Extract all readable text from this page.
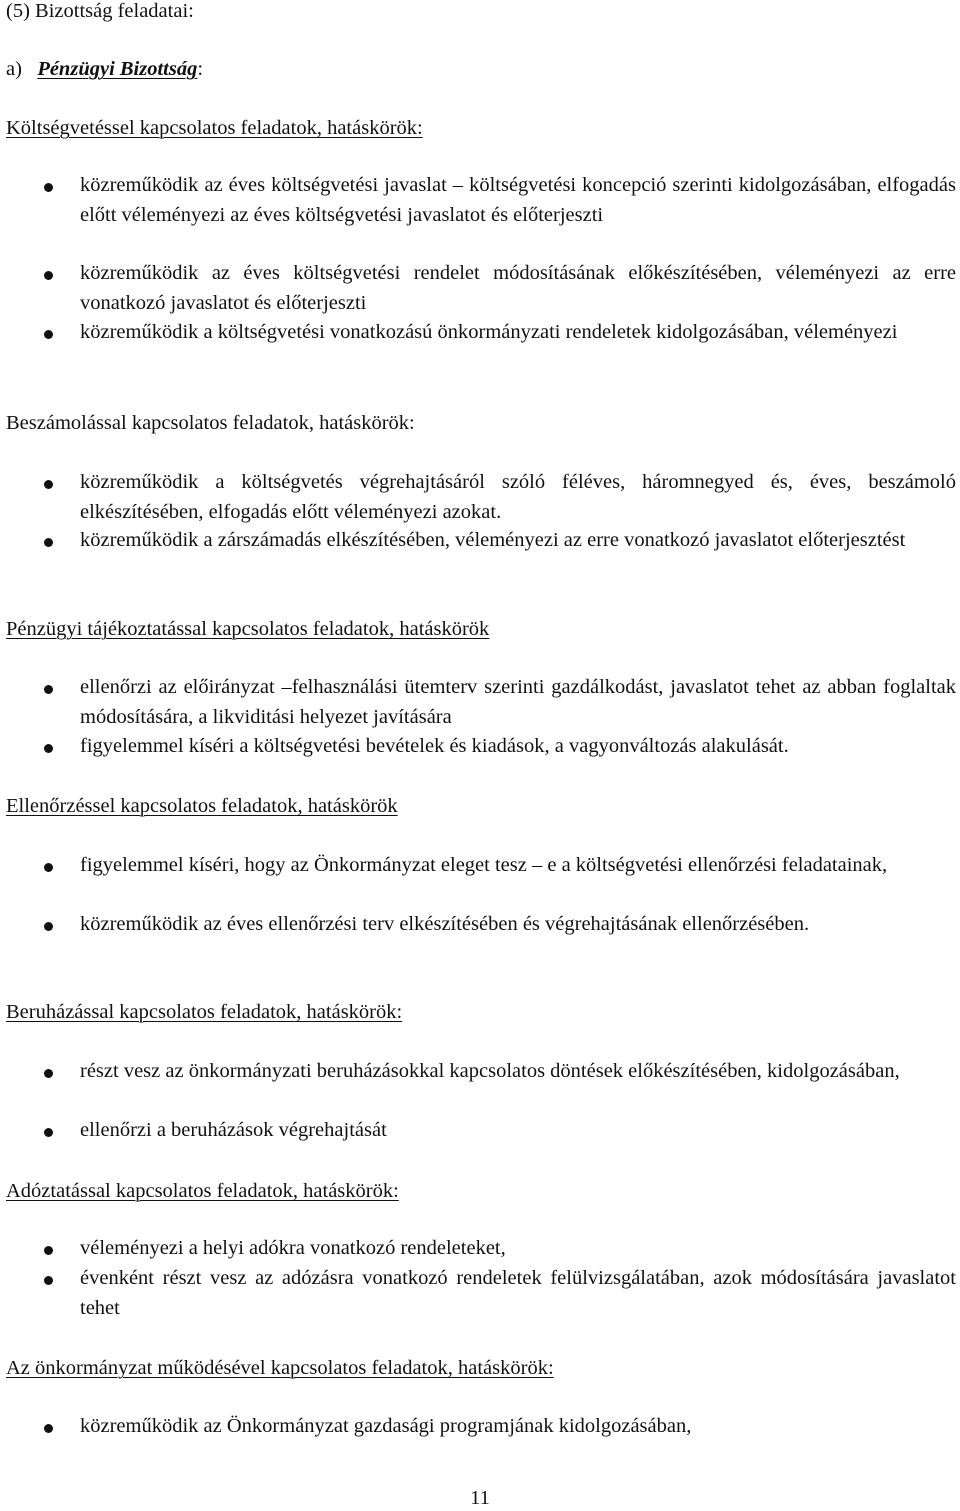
(5) Bizottság feladatai:
a) Pénzügyi Bizottság:
Költségvetéssel kapcsolatos feladatok, hatáskörök:
közreműködik az éves költségvetési javaslat – költségvetési koncepció szerinti kidolgozásában, elfogadás előtt véleményezi az éves költségvetési javaslatot és előterjeszti
közreműködik az éves költségvetési rendelet módosításának előkészítésében, véleményezi az erre vonatkozó javaslatot és előterjeszti
közreműködik a költségvetési vonatkozású önkormányzati rendeletek kidolgozásában, véleményezi
Beszámolással kapcsolatos feladatok, hatáskörök:
közreműködik a költségvetés végrehajtásáról szóló féléves, háromnegyed és, éves, beszámoló elkészítésében, elfogadás előtt véleményezi azokat.
közreműködik a zárszámadás elkészítésében, véleményezi az erre vonatkozó javaslatot előterjesztést
Pénzügyi tájékoztatással kapcsolatos feladatok, hatáskörök
ellenőrzi az előirányzat –felhasználási ütemterv szerinti gazdálkodást, javaslatot tehet az abban foglaltak módosítására, a likviditási helyezet javítására
figyelemmel kíséri a költségvetési bevételek és kiadások, a vagyonváltozás alakulását.
Ellenőrzéssel kapcsolatos feladatok, hatáskörök
figyelemmel kíséri, hogy az Önkormányzat eleget tesz – e a költségvetési ellenőrzési feladatainak,
közreműködik az éves ellenőrzési terv elkészítésében és végrehajtásának ellenőrzésében.
Beruházással kapcsolatos feladatok, hatáskörök:
részt vesz az önkormányzati beruházásokkal kapcsolatos döntések előkészítésében, kidolgozásában,
ellenőrzi a beruházások végrehajtását
Adóztatással kapcsolatos feladatok, hatáskörök:
véleményezi a helyi adókra vonatkozó rendeleteket,
évenként részt vesz az adózásra vonatkozó rendeletek felülvizsgálatában, azok módosítására javaslatot tehet
Az önkormányzat működésével kapcsolatos feladatok, hatáskörök:
közreműködik az Önkormányzat gazdasági programjának kidolgozásában,
11
